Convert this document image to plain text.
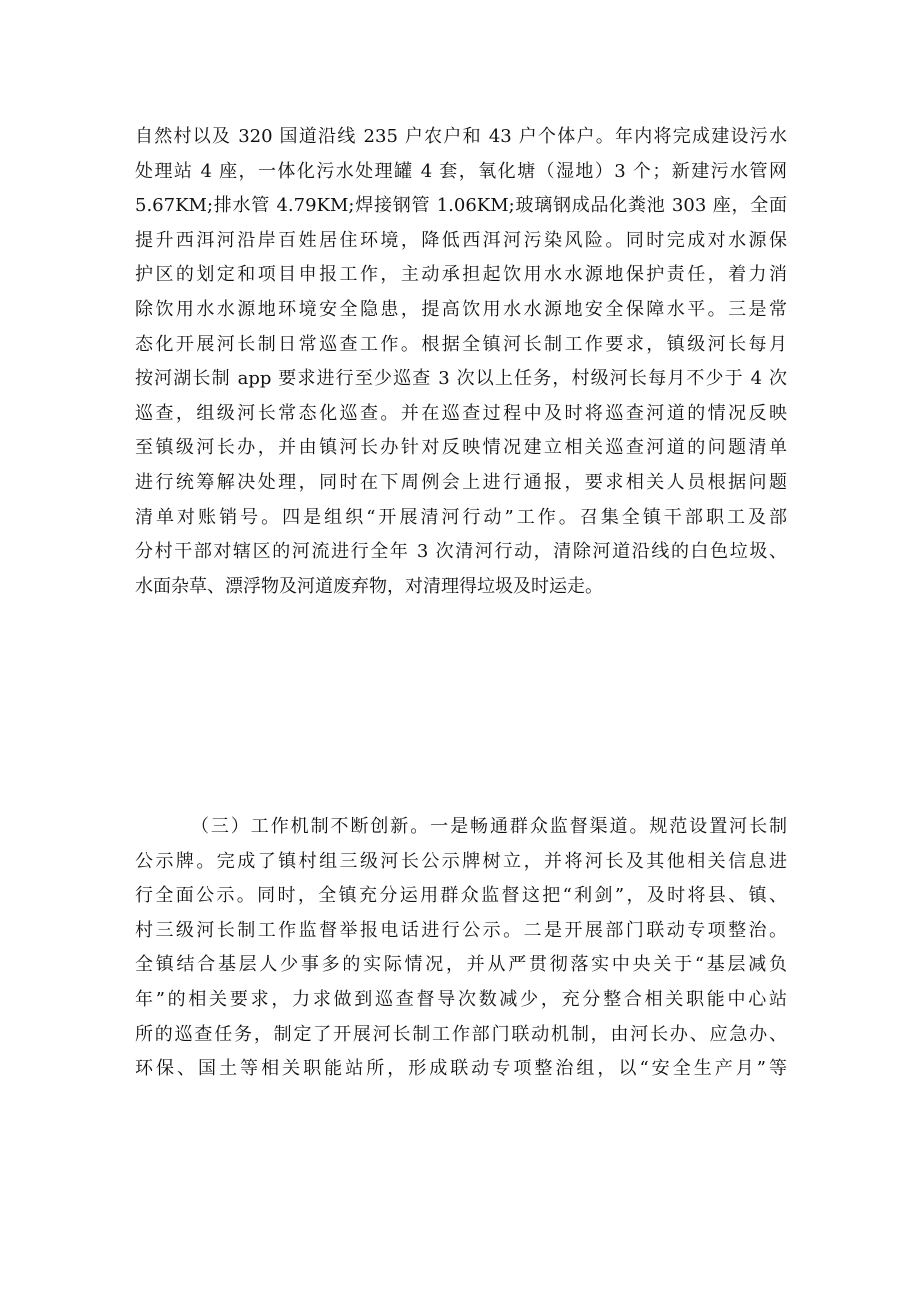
自然村以及 320 国道沿线 235 户农户和 43 户个体户。年内将完成建设污水
处理站 4 座，一体化污水处理罐 4 套，氧化塘（湿地）3 个；新建污水管网
5.67KM;排水管 4.79KM;焊接钢管 1.06KM;玻璃钢成品化粪池 303 座，全面
提升西洱河沿岸百姓居住环境，降低西洱河污染风险。同时完成对水源保
护区的划定和项目申报工作，主动承担起饮用水水源地保护责任，着力消
除饮用水水源地环境安全隐患，提高饮用水水源地安全保障水平。三是常
态化开展河长制日常巡查工作。根据全镇河长制工作要求，镇级河长每月
按河湖长制 app 要求进行至少巡查 3 次以上任务，村级河长每月不少于 4 次
巡查，组级河长常态化巡查。并在巡查过程中及时将巡查河道的情况反映
至镇级河长办，并由镇河长办针对反映情况建立相关巡查河道的问题清单
进行统筹解决处理，同时在下周例会上进行通报，要求相关人员根据问题
清单对账销号。四是组织“开展清河行动”工作。召集全镇干部职工及部
分村干部对辖区的河流进行全年 3 次清河行动，清除河道沿线的白色垃圾、
水面杂草、漂浮物及河道废弃物，对清理得垃圾及时运走。
（三）工作机制不断创新。一是畅通群众监督渠道。规范设置河长制
公示牌。完成了镇村组三级河长公示牌树立，并将河长及其他相关信息进
行全面公示。同时，全镇充分运用群众监督这把“利剑”，及时将县、镇、
村三级河长制工作监督举报电话进行公示。二是开展部门联动专项整治。
全镇结合基层人少事多的实际情况，并从严贯彻落实中央关于“基层减负
年”的相关要求，力求做到巡查督导次数减少，充分整合相关职能中心站
所的巡查任务，制定了开展河长制工作部门联动机制，由河长办、应急办、
环保、国土等相关职能站所，形成联动专项整治组，以“安全生产月”等
